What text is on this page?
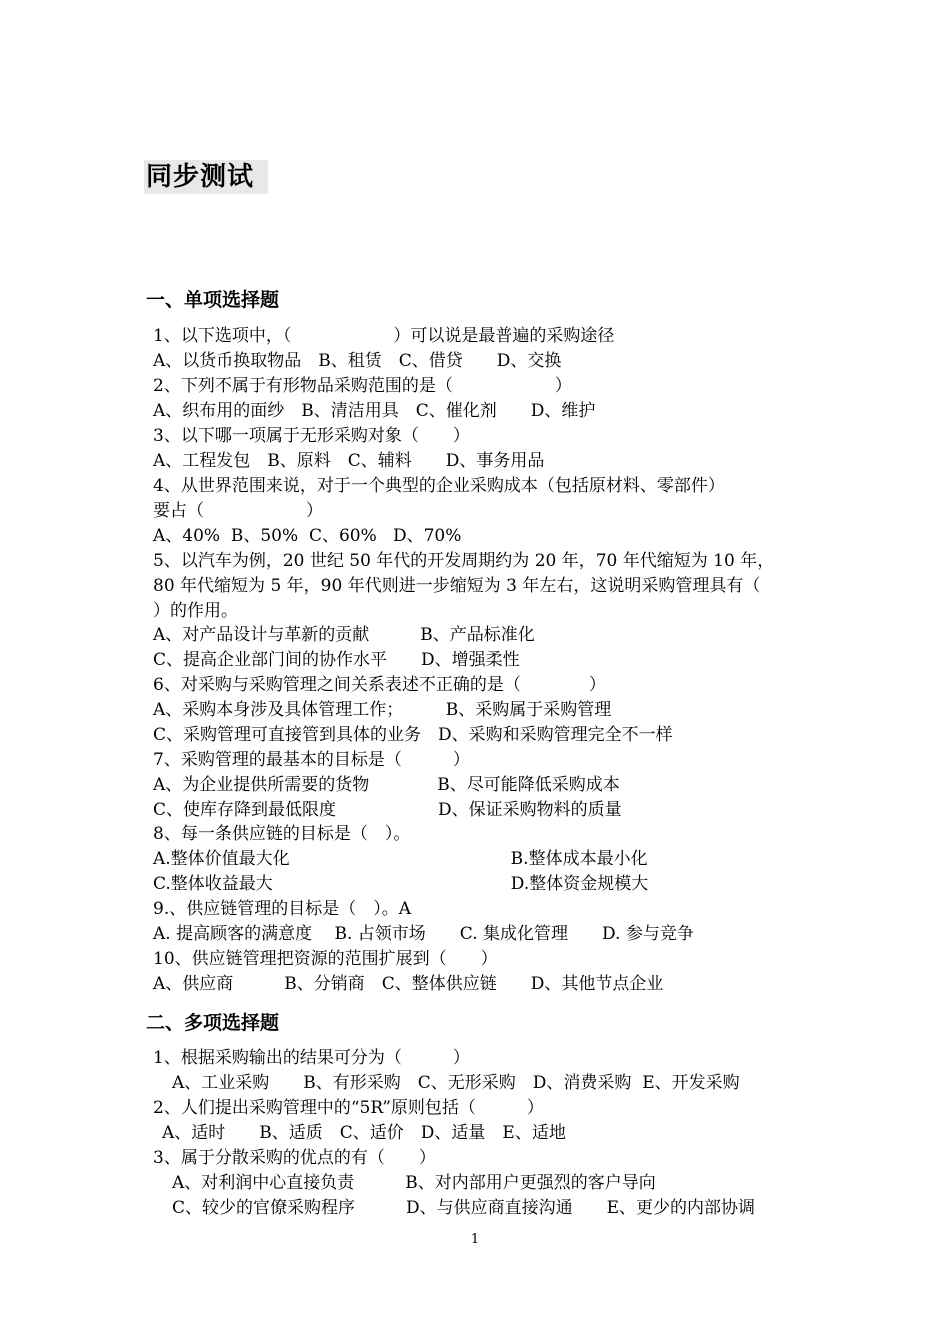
同步测试
一、单项选择题
1、以下选项中，（　　　　　　）可以说是最普遍的采购途径
A、以货币换取物品　B、租赁　C、借贷　　D、交换
2、下列不属于有形物品采购范围的是（　　　　　　）
A、织布用的面纱　B、清洁用具　C、催化剂　　D、维护
3、以下哪一项属于无形采购对象（　　）
A、工程发包　B、原料　C、辅料　　D、事务用品
4、从世界范围来说，对于一个典型的企业采购成本（包括原材料、零部件）
要占（　　　　　　）
A、40%  B、50%  C、60%   D、70%
5、以汽车为例，20 世纪 50 年代的开发周期约为 20 年，70 年代缩短为 10 年，
80 年代缩短为 5 年，90 年代则进一步缩短为 3 年左右，这说明采购管理具有（
）的作用。
A、对产品设计与革新的贡献　　　B、产品标准化
C、提高企业部门间的协作水平　　D、增强柔性
6、对采购与采购管理之间关系表述不正确的是（　　　　）
A、采购本身涉及具体管理工作；　　　B、采购属于采购管理
C、采购管理可直接管到具体的业务　D、采购和采购管理完全不一样
7、采购管理的最基本的目标是（　　　）
A、为企业提供所需要的货物　　　　B、尽可能降低采购成本
C、使库存降到最低限度　　　　　　D、保证采购物料的质量
8、每一条供应链的目标是（　）。
A.整体价值最大化　　　　　　　　　　　　　B.整体成本最小化
C.整体收益最大　　　　　　　　　　　　　　D.整体资金规模大
9.、供应链管理的目标是（　）。A
A. 提高顾客的满意度　 B. 占领市场　　C. 集成化管理　　D. 参与竞争
10、供应链管理把资源的范围扩展到（　　）
A、供应商　　　B、分销商　C、整体供应链　　D、其他节点企业
二、多项选择题
1、根据采购输出的结果可分为（　　　）
A、工业采购　　B、有形采购　C、无形采购　D、消费采购  E、开发采购
2、人们提出采购管理中的“5R”原则包括（　　　）
A、适时　　B、适质　C、适价　D、适量　E、适地
3、属于分散采购的优点的有（　　）
A、对利润中心直接负责　　　B、对内部用户更强烈的客户导向
C、较少的官僚采购程序　　　D、与供应商直接沟通　　E、更少的内部协调
1
